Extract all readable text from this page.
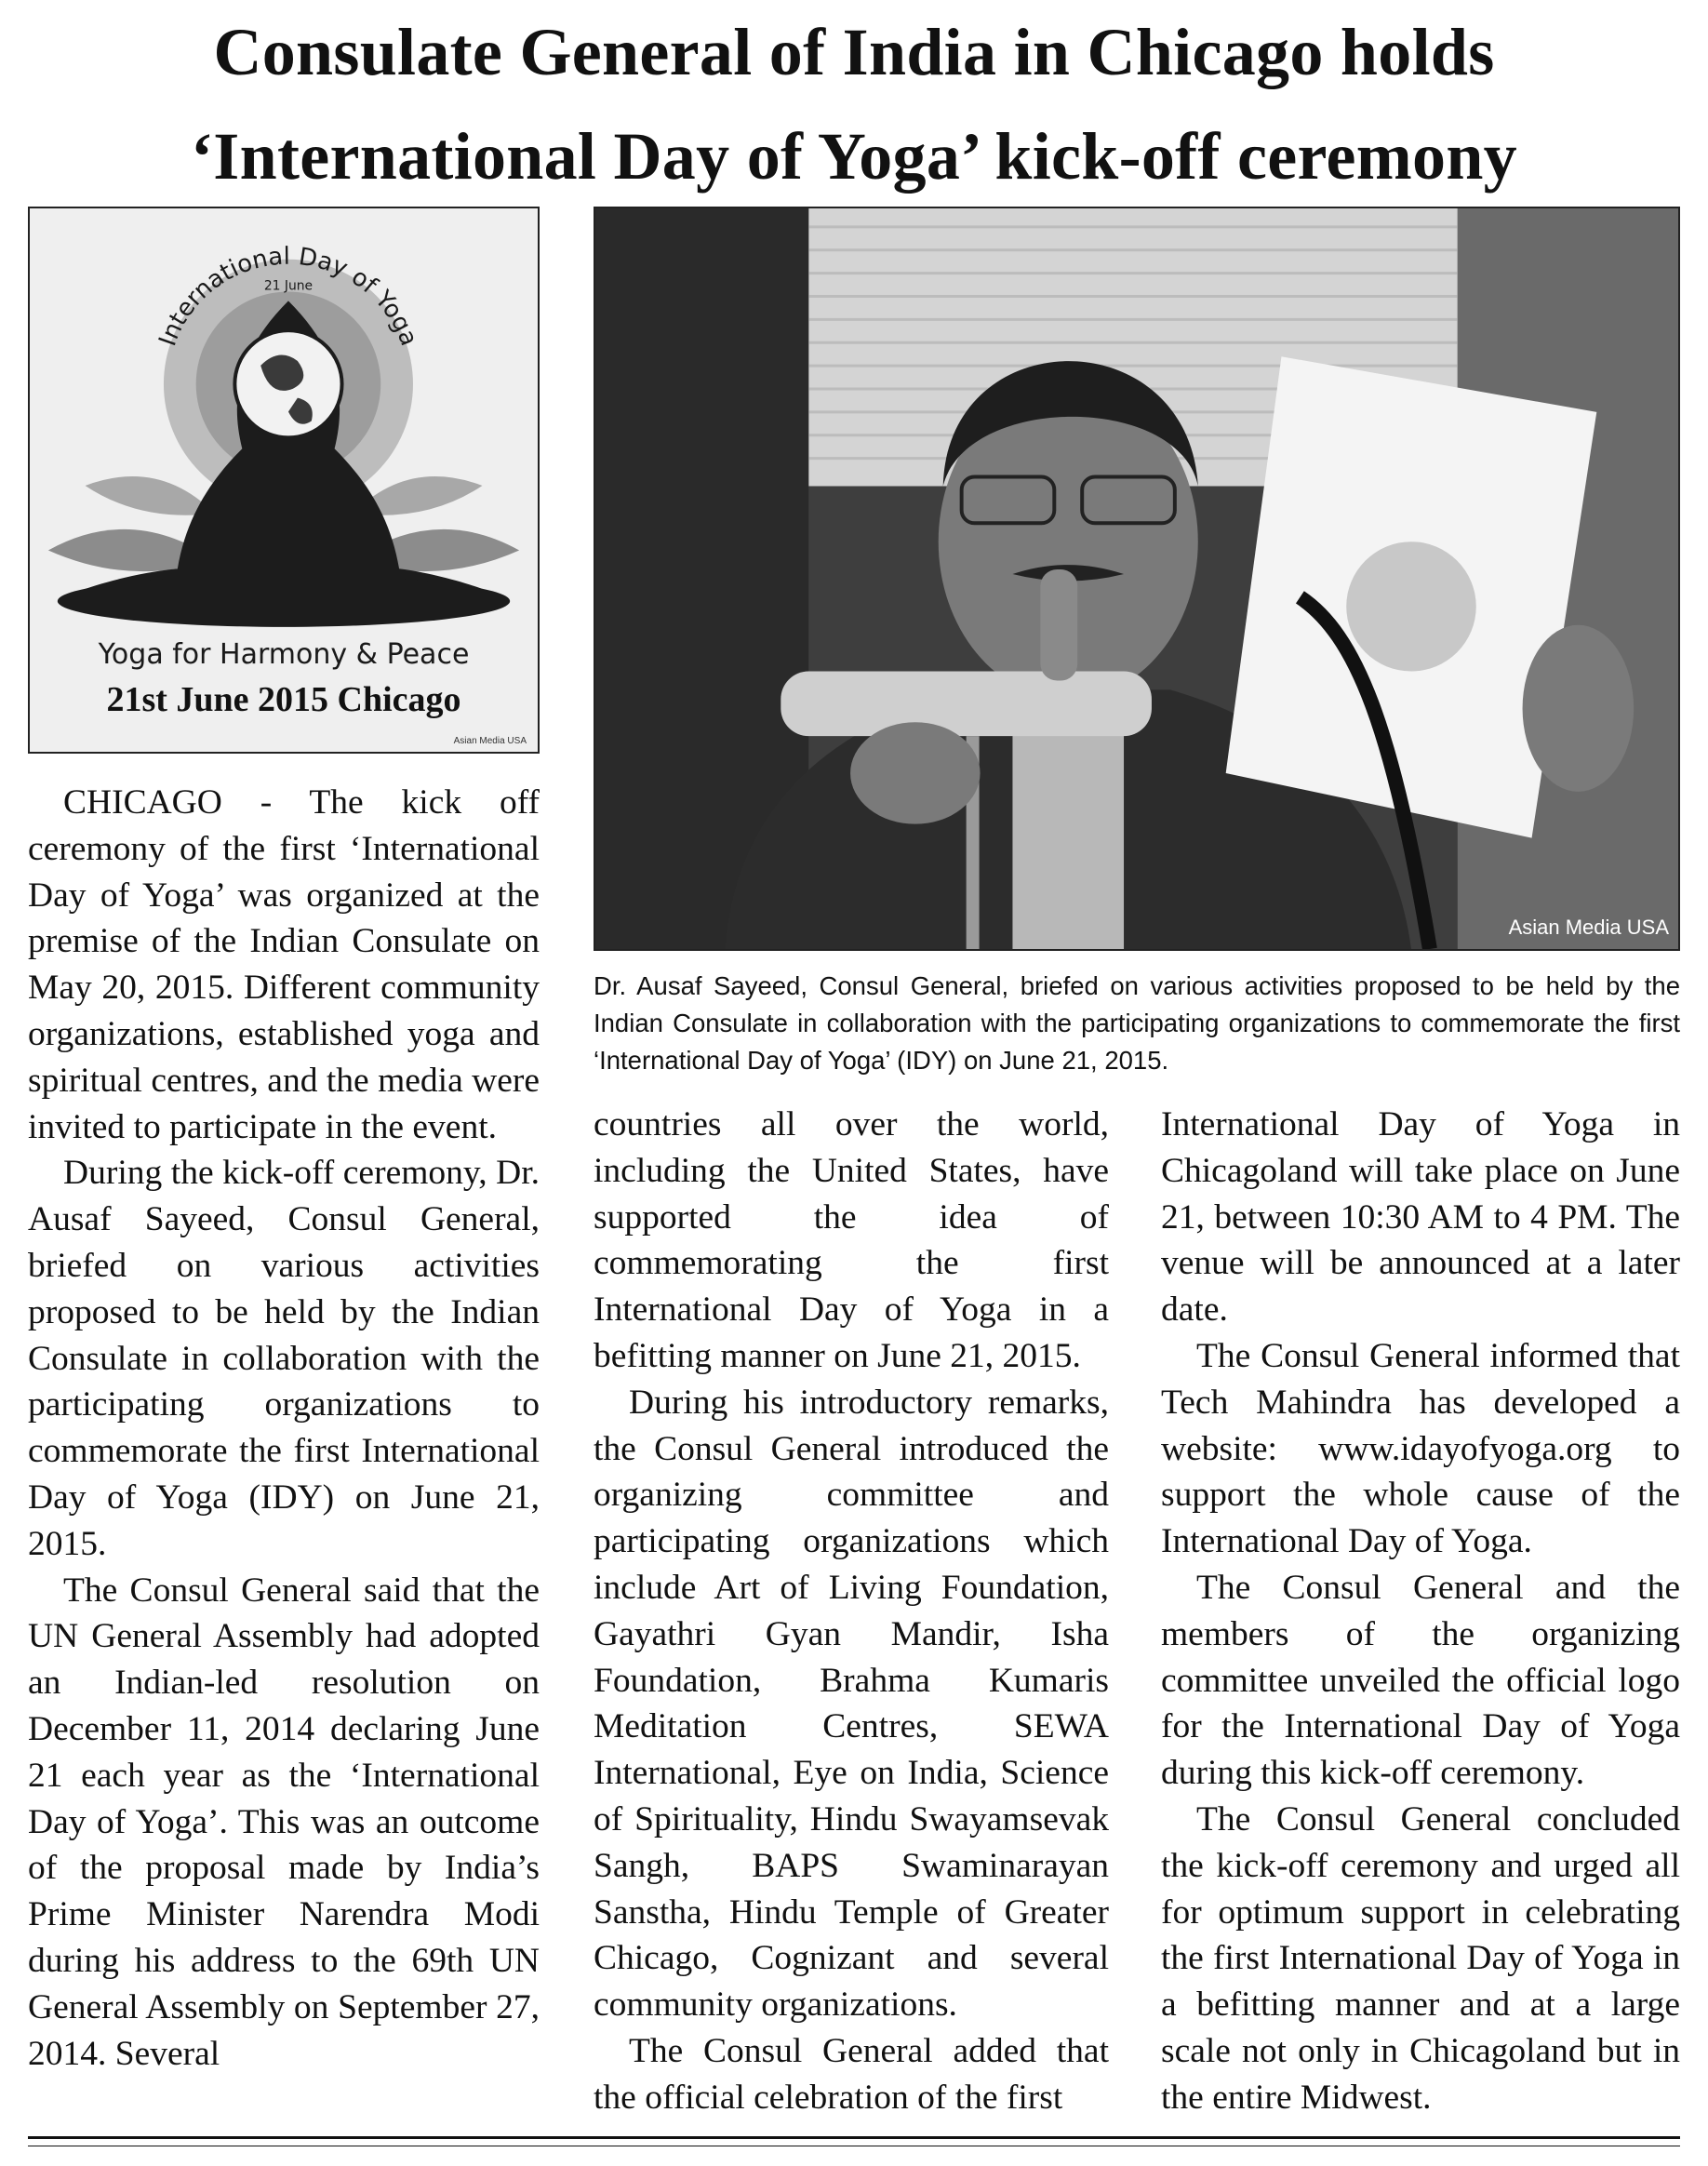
Consulate General of India in Chicago holds
‘International Day of Yoga’ kick-off ceremony
International Day of Yoga
21 June
Yoga for Harmony & Peace
21st June 2015 Chicago
Asian Media USA
Asian Media USA
Dr. Ausaf Sayeed, Consul General, briefed on various activities proposed to be held by the Indian Consulate in collaboration with the participating organizations to commemorate the first ‘International Day of Yoga’ (IDY) on June 21, 2015.

CHICAGO - The kick off ceremony of the first ‘International Day of Yoga’ was organized at the premise of the Indian Consulate on May 20, 2015. Different community organizations, established yoga and spiritual centres, and the media were invited to participate in the event.

During the kick-off ceremony, Dr. Ausaf Sayeed, Consul General, briefed on various activities proposed to be held by the Indian Consulate in collaboration with the participating organizations to commemorate the first International Day of Yoga (IDY) on June 21, 2015.

The Consul General said that the UN General Assembly had adopted an Indian-led resolution on December 11, 2014 declaring June 21 each year as the ‘International Day of Yoga’. This was an outcome of the proposal made by India’s Prime Minister Narendra Modi during his address to the 69th UN General Assembly on September 27, 2014. Several

countries all over the world, including the United States, have supported the idea of commemorating the first International Day of Yoga in a befitting manner on June 21, 2015.

During his introductory remarks, the Consul General introduced the organizing committee and participating organizations which include Art of Living Foundation, Gayathri Gyan Mandir, Isha Foundation, Brahma Kumaris Meditation Centres, SEWA International, Eye on India, Science of Spirituality, Hindu Swayamsevak Sangh, BAPS Swaminarayan Sanstha, Hindu Temple of Greater Chicago, Cognizant and several community organizations.

The Consul General added that the official celebration of the first

International Day of Yoga in Chicagoland will take place on June 21, between 10:30 AM to 4 PM. The venue will be announced at a later date.

The Consul General informed that Tech Mahindra has developed a website: www.idayofyoga.org to support the whole cause of the International Day of Yoga.

The Consul General and the members of the organizing committee unveiled the official logo for the International Day of Yoga during this kick-off ceremony.

The Consul General concluded the kick-off ceremony and urged all for optimum support in celebrating the first International Day of Yoga in a befitting manner and at a large scale not only in Chicagoland but in the entire Midwest.
